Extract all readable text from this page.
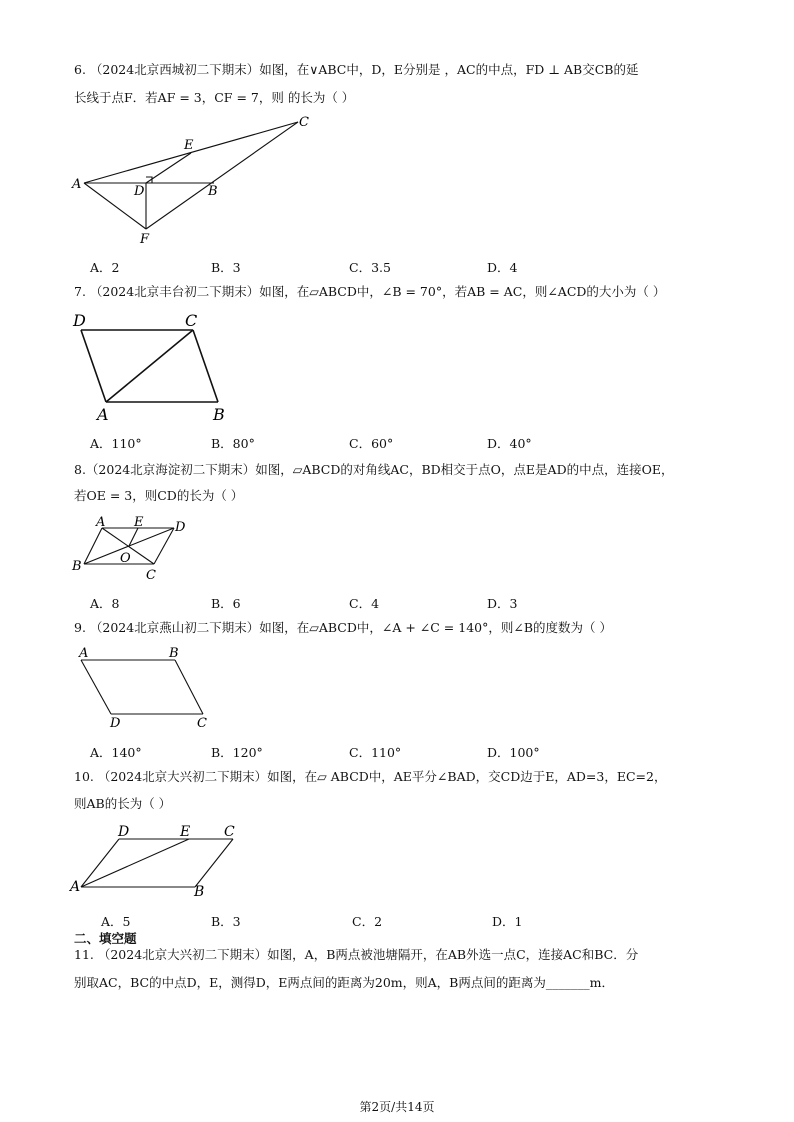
6. （2024北京西城初二下期末）如图，在∨ABC中，D，E分别是 ，AC的中点，FD ⊥ AB交CB的延
长线于点F．若AF = 3，CF = 7，则 的长为（ ）
C
E
A	D	B
F
A．2	B．3	C．3.5	D．4
7. （2024北京丰台初二下期末）如图，在▱ABCD中，∠B = 70°，若AB = AC，则∠ACD的大小为（ ）
D	C
A	B
A．110°	B．80°	C．60°	D．40°
8.（2024北京海淀初二下期末）如图，▱ABCD的对角线AC，BD相交于点O，点E是AD的中点，连接OE，
若OE = 3，则CD的长为（ ）
A E D
O
B
C
A．8	B．6	C．4	D．3
9. （2024北京燕山初二下期末）如图，在▱ABCD中，∠A + ∠C = 140°，则∠B的度数为（ ）
A	B
D	C
A．140°	B．120°	C．110°	D．100°
10. （2024北京大兴初二下期末）如图，在▱ ABCD中，AE平分∠BAD，交CD边于E，AD=3，EC=2，
则AB的长为（ ）
D	E C
A	B
A．5	B．3	C．2	D．1
二、填空题
11. （2024北京大兴初二下期末）如图，A，B两点被池塘隔开，在AB外选一点C，连接AC和BC．分
别取AC，BC的中点D，E，测得D，E两点间的距离为20m，则A，B两点间的距离为_______m．
第2页/共14页
